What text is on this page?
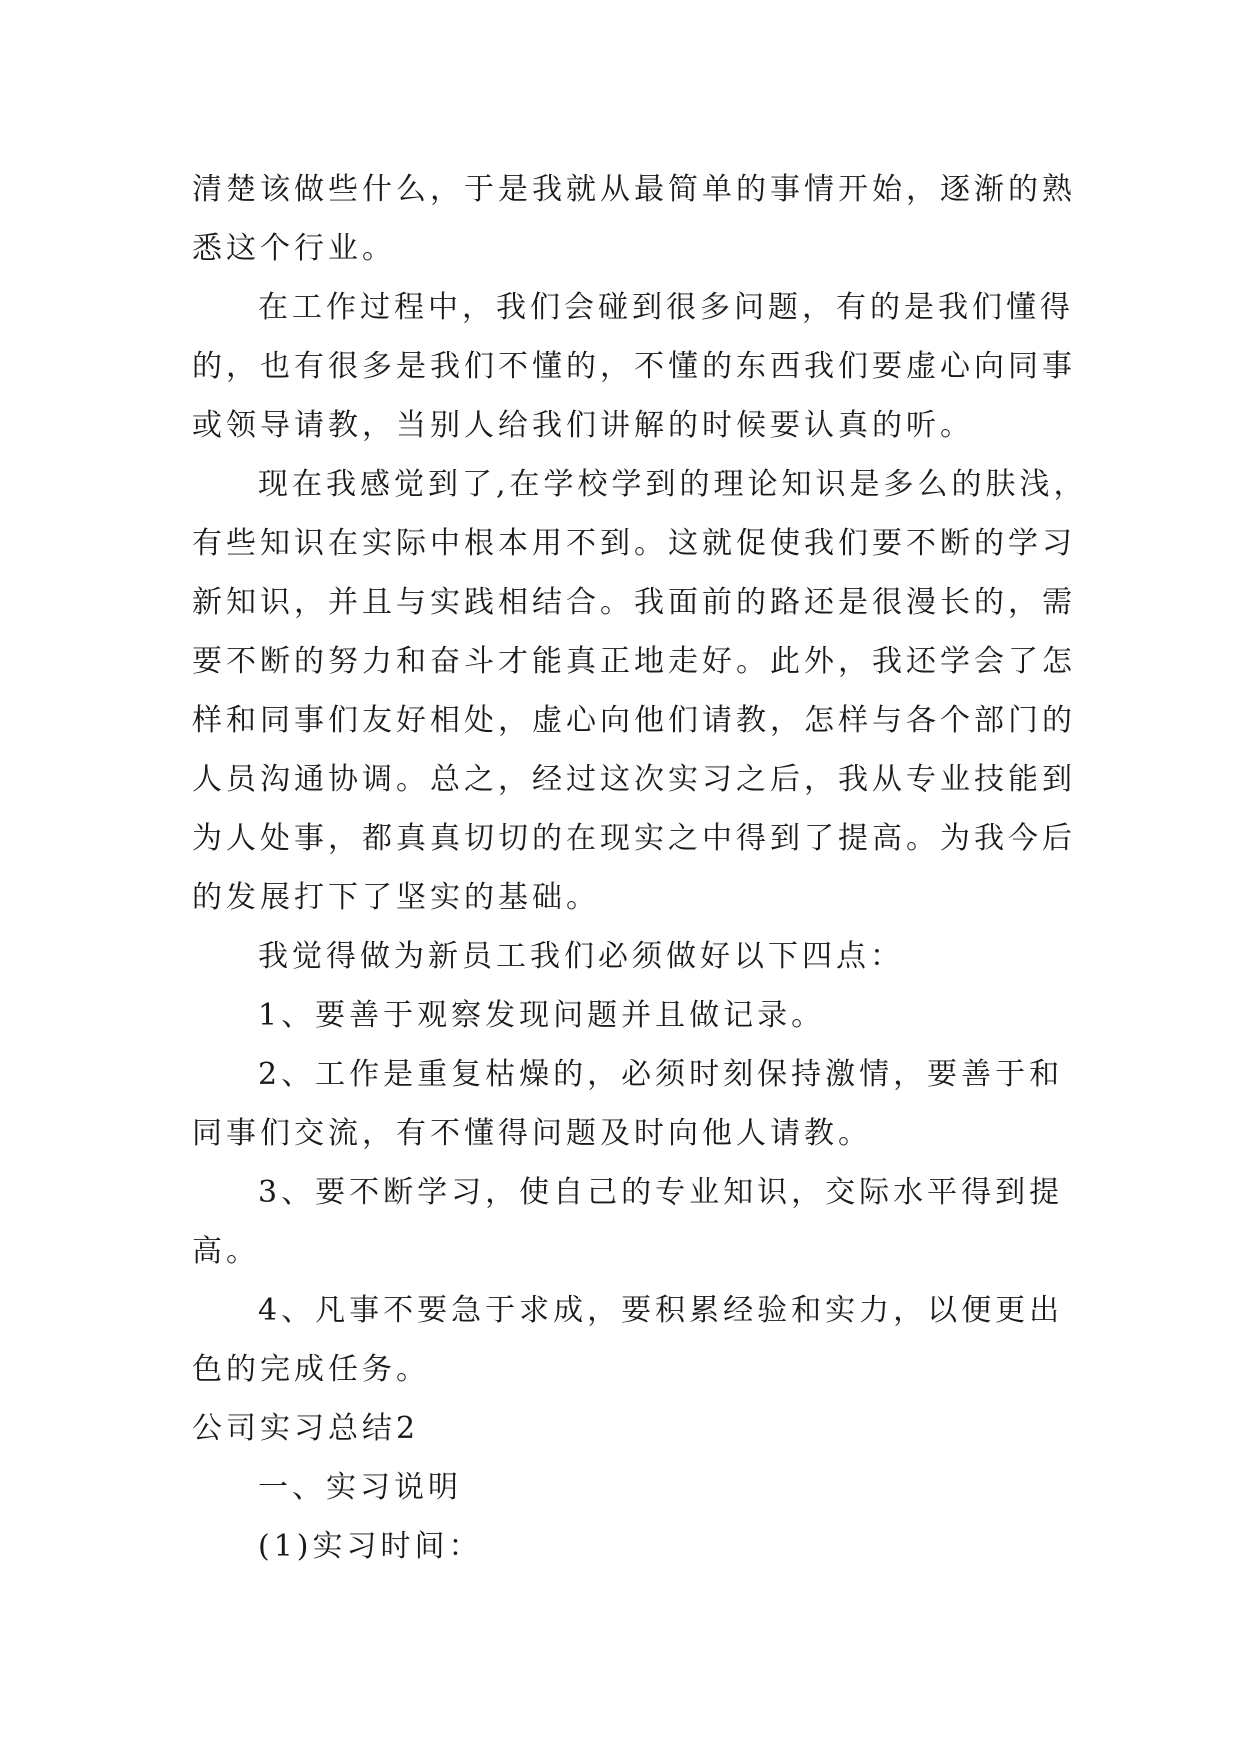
清楚该做些什么，于是我就从最简单的事情开始，逐渐的熟
悉这个行业。
在工作过程中，我们会碰到很多问题，有的是我们懂得
的，也有很多是我们不懂的，不懂的东西我们要虚心向同事
或领导请教，当别人给我们讲解的时候要认真的听。
现在我感觉到了,在学校学到的理论知识是多么的肤浅，
有些知识在实际中根本用不到。这就促使我们要不断的学习
新知识，并且与实践相结合。我面前的路还是很漫长的，需
要不断的努力和奋斗才能真正地走好。此外，我还学会了怎
样和同事们友好相处，虚心向他们请教，怎样与各个部门的
人员沟通协调。总之，经过这次实习之后，我从专业技能到
为人处事，都真真切切的在现实之中得到了提高。为我今后
的发展打下了坚实的基础。
我觉得做为新员工我们必须做好以下四点：
1、要善于观察发现问题并且做记录。
2、工作是重复枯燥的，必须时刻保持激情，要善于和
同事们交流，有不懂得问题及时向他人请教。
3、要不断学习，使自己的专业知识，交际水平得到提
高。
4、凡事不要急于求成，要积累经验和实力，以便更出
色的完成任务。
公司实习总结2
一、实习说明
(1)实习时间：
